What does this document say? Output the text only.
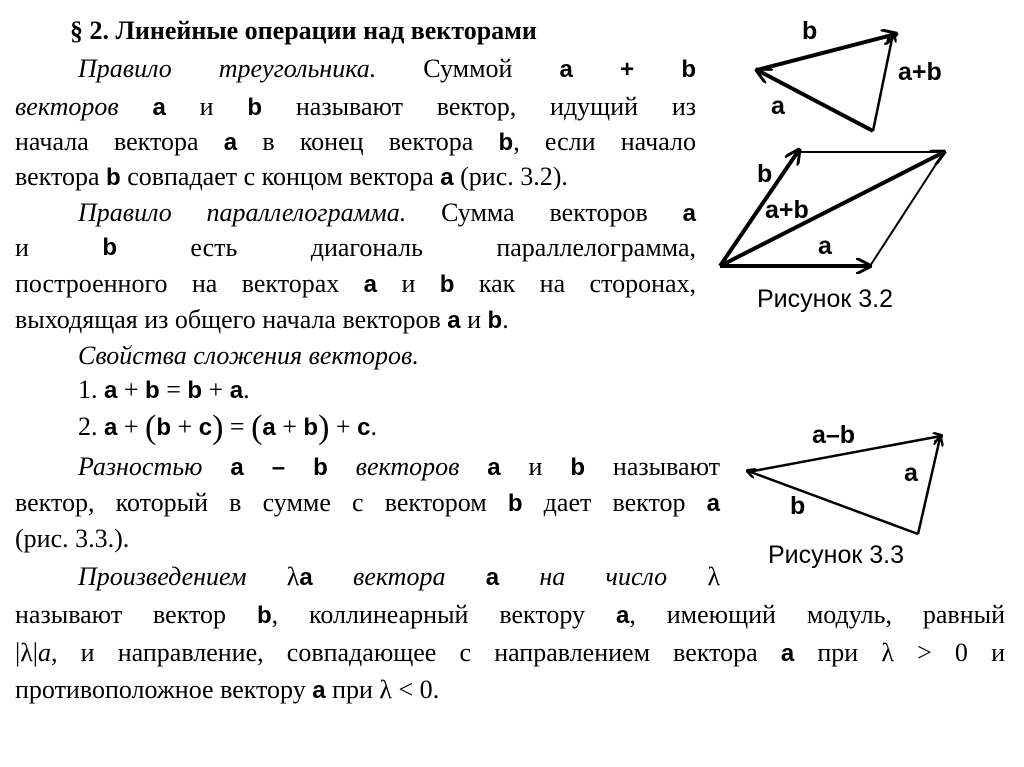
§ 2. Линейные операции над векторами
Правило треугольника. Суммой a + b
векторов a и b называют вектор, идущий из
начала вектора a в конец вектора b, если начало
вектора b совпадает с концом вектора a (рис. 3.2).
Правило параллелограмма. Сумма векторов a
и	b	есть	диагональ	параллелограмма,
построенного на векторах a и b как на сторонах,
выходящая из общего начала векторов a и b.
Свойства сложения векторов.
1. a + b = b + a.
2. a + (b + c) = (a + b) + c.
Разностью a – b векторов a и b называют
вектор, который в сумме с вектором b дает вектор a
(рис. 3.3.).
Произведением λa вектора a на число λ
называют вектор b, коллинеарный вектору a, имеющий модуль, равный
|λ|a, и направление, совпадающее с направлением вектора a при λ > 0 и
противоположное вектору a при λ < 0.
b
a+b
a
b
a+b
a
Рисунок 3.2
a–b
a
b
Рисунок 3.3
